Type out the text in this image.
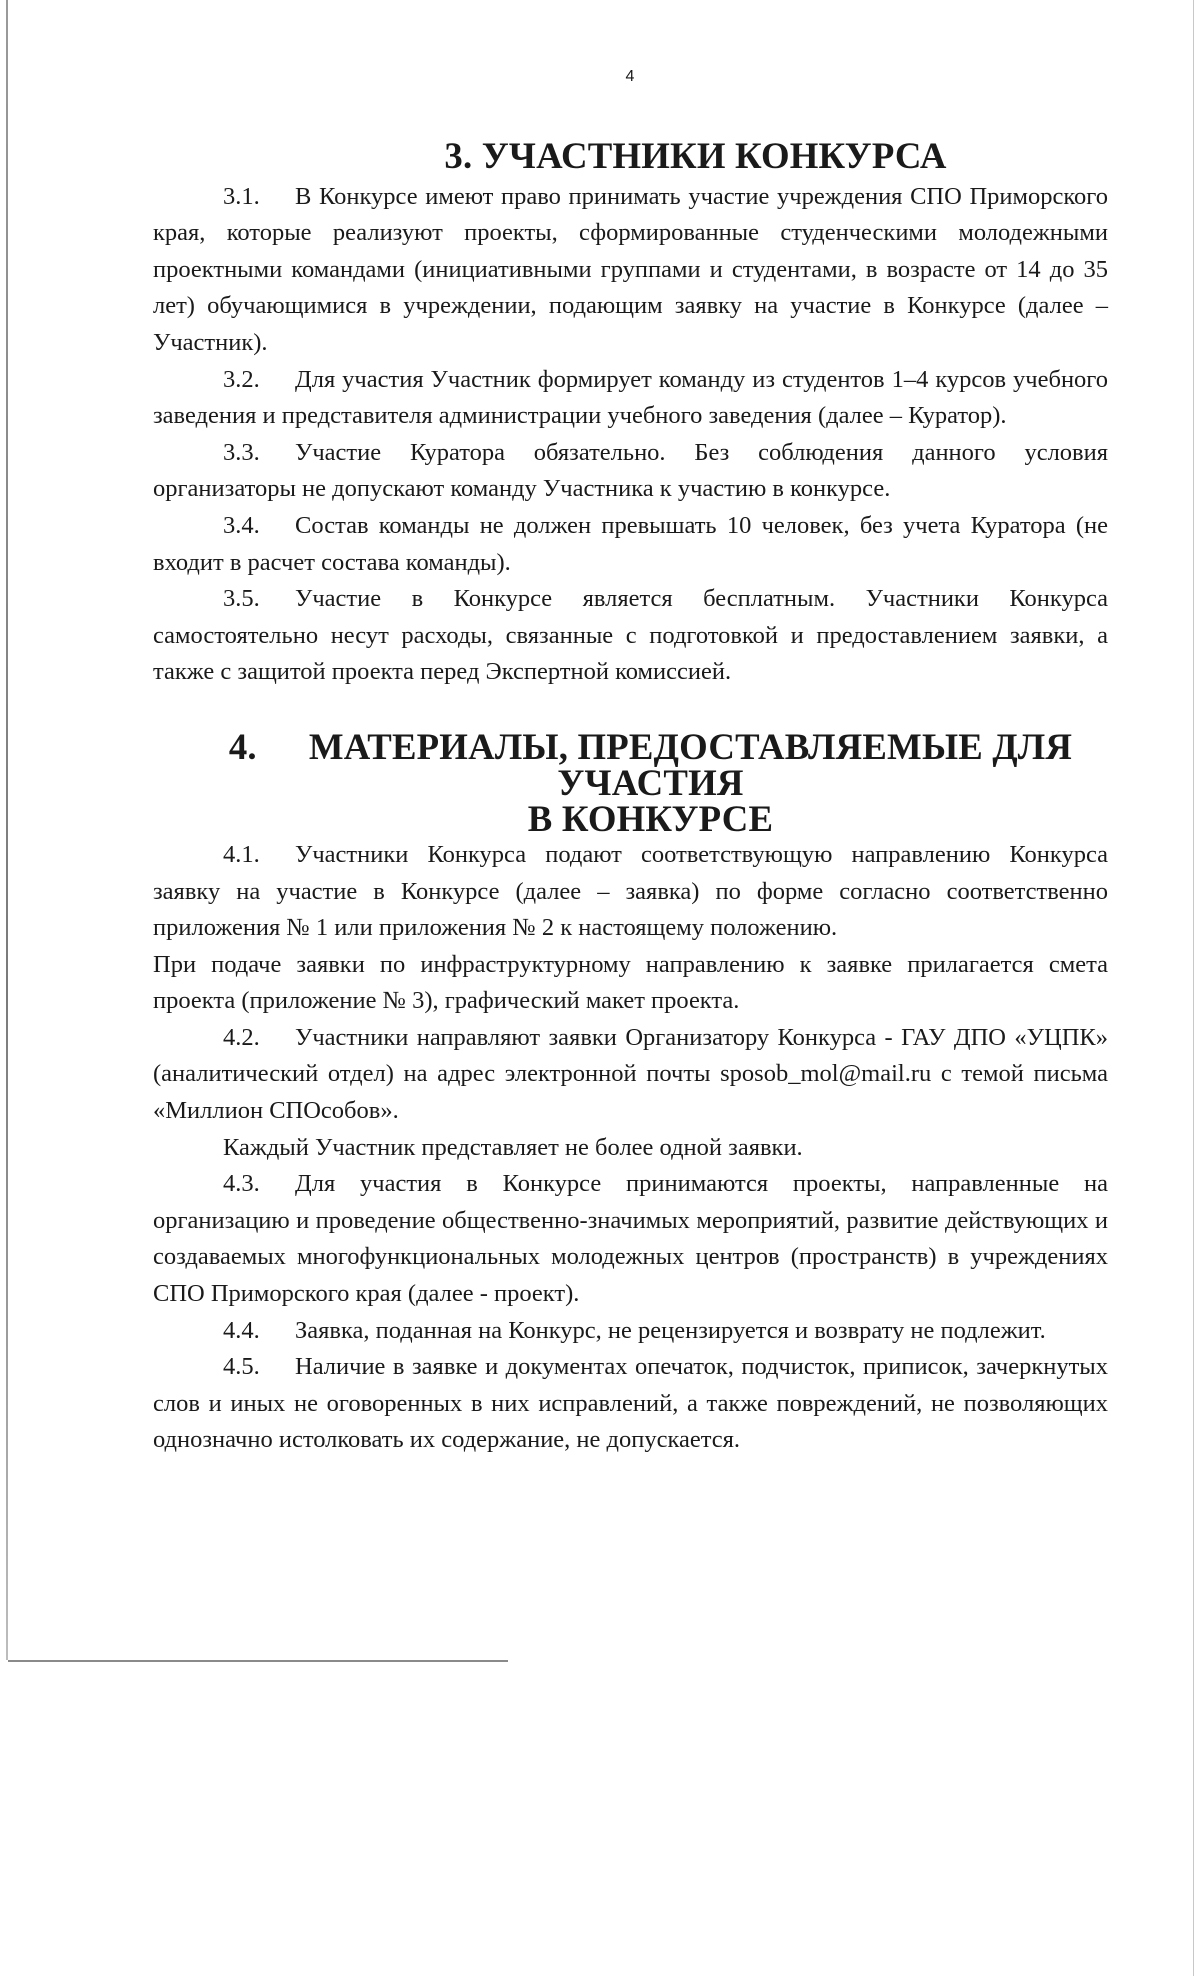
4
3. УЧАСТНИКИ КОНКУРСА

3.1. В Конкурсе имеют право принимать участие учреждения СПО Приморского края, которые реализуют проекты, сформированные студенческими молодежными проектными командами (инициативными группами и студентами, в возрасте от 14 до 35 лет) обучающимися в учреждении, подающим заявку на участие в Конкурсе (далее – Участник).

3.2. Для участия Участник формирует команду из студентов 1–4 курсов учебного заведения и представителя администрации учебного заведения (далее – Куратор).

3.3. Участие Куратора обязательно. Без соблюдения данного условия организаторы не допускают команду Участника к участию в конкурсе.

3.4. Состав команды не должен превышать 10 человек, без учета Куратора (не входит в расчет состава команды).

3.5. Участие в Конкурсе является бесплатным. Участники Конкурса самостоятельно несут расходы, связанные с подготовкой и предоставлением заявки, а также с защитой проекта перед Экспертной комиссией.

4. МАТЕРИАЛЫ, ПРЕДОСТАВЛЯЕМЫЕ ДЛЯ УЧАСТИЯ
В КОНКУРСЕ

4.1. Участники Конкурса подают соответствующую направлению Конкурса заявку на участие в Конкурсе (далее – заявка) по форме согласно соответственно приложения № 1 или приложения № 2 к настоящему положению.

При подаче заявки по инфраструктурному направлению к заявке прилагается смета проекта (приложение № 3), графический макет проекта.

4.2. Участники направляют заявки Организатору Конкурса - ГАУ ДПО «УЦПК» (аналитический отдел) на адрес электронной почты sposob_mol@mail.ru с темой письма «Миллион СПОсобов».

Каждый Участник представляет не более одной заявки.

4.3. Для участия в Конкурсе принимаются проекты, направленные на организацию и проведение общественно-значимых мероприятий, развитие действующих и создаваемых многофункциональных молодежных центров (пространств) в учреждениях СПО Приморского края (далее - проект).

4.4. Заявка, поданная на Конкурс, не рецензируется и возврату не подлежит.

4.5. Наличие в заявке и документах опечаток, подчисток, приписок, зачеркнутых слов и иных не оговоренных в них исправлений, а также повреждений, не позволяющих однозначно истолковать их содержание, не допускается.
